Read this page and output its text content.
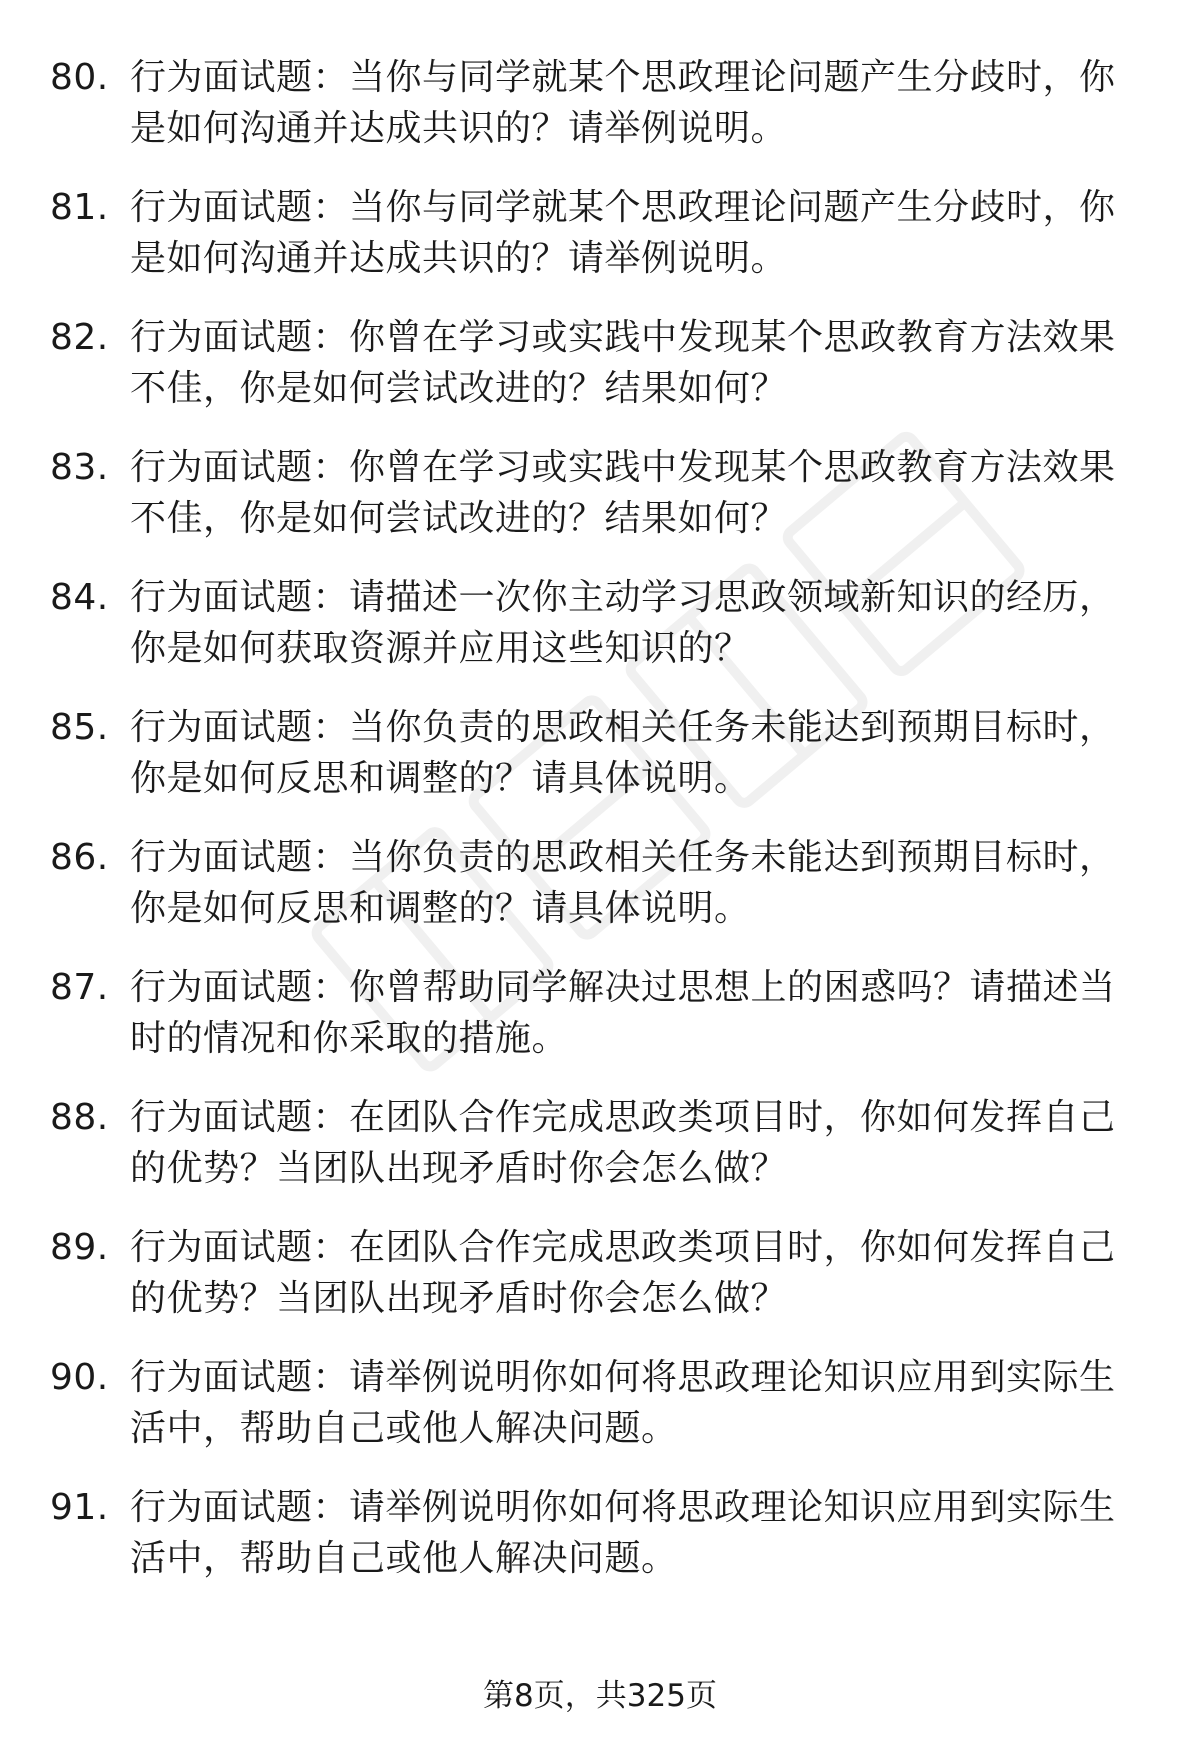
80. 行为面试题：当你与同学就某个思政理论问题产生分歧时，你是如何沟通并达成共识的？请举例说明。
81. 行为面试题：当你与同学就某个思政理论问题产生分歧时，你是如何沟通并达成共识的？请举例说明。
82. 行为面试题：你曾在学习或实践中发现某个思政教育方法效果不佳，你是如何尝试改进的？结果如何？
83. 行为面试题：你曾在学习或实践中发现某个思政教育方法效果不佳，你是如何尝试改进的？结果如何？
84. 行为面试题：请描述一次你主动学习思政领域新知识的经历，你是如何获取资源并应用这些知识的？
85. 行为面试题：当你负责的思政相关任务未能达到预期目标时，你是如何反思和调整的？请具体说明。
86. 行为面试题：当你负责的思政相关任务未能达到预期目标时，你是如何反思和调整的？请具体说明。
87. 行为面试题：你曾帮助同学解决过思想上的困惑吗？请描述当时的情况和你采取的措施。
88. 行为面试题：在团队合作完成思政类项目时，你如何发挥自己的优势？当团队出现矛盾时你会怎么做？
89. 行为面试题：在团队合作完成思政类项目时，你如何发挥自己的优势？当团队出现矛盾时你会怎么做？
90. 行为面试题：请举例说明你如何将思政理论知识应用到实际生活中，帮助自己或他人解决问题。
91. 行为面试题：请举例说明你如何将思政理论知识应用到实际生活中，帮助自己或他人解决问题。
第8页，共325页
